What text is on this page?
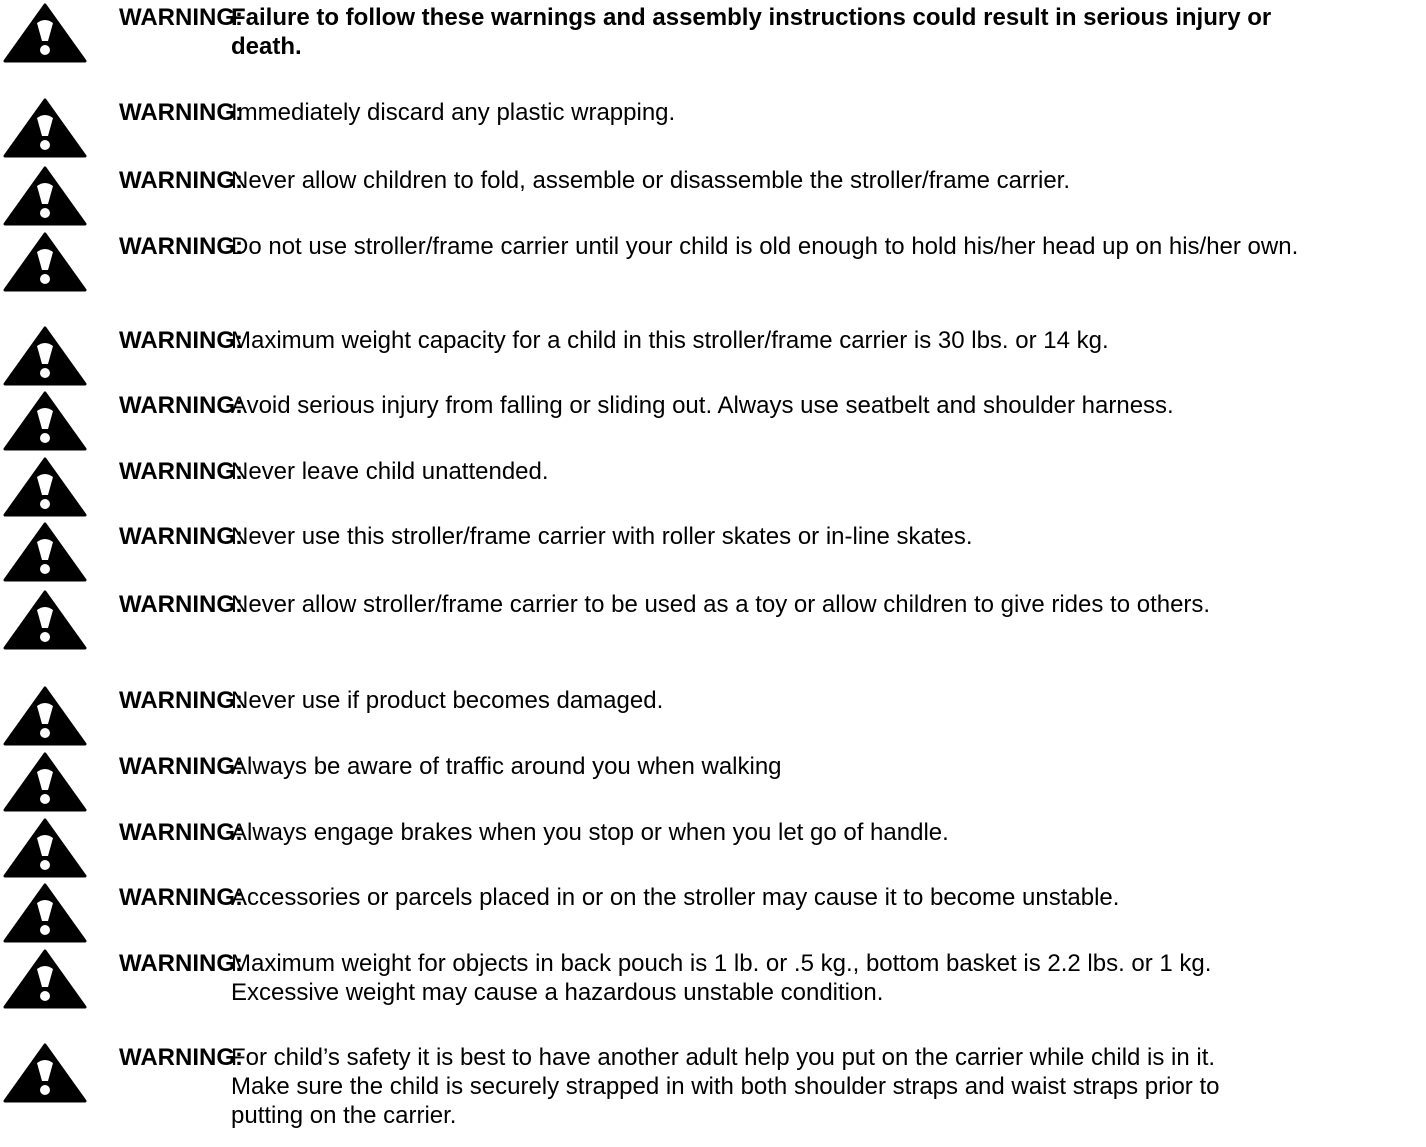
WARNING:
Failure to follow these warnings and assembly instructions could result in serious injury or death.
WARNING:
Immediately discard any plastic wrapping.
WARNING:
Never allow children to fold, assemble or disassemble the stroller/frame carrier.
WARNING:
Do not use stroller/frame carrier until your child is old enough to hold his/her head up on his/her own.
WARNING:
Maximum weight capacity for a child in this stroller/frame carrier is 30 lbs. or 14 kg.
WARNING:
Avoid serious injury from falling or sliding out. Always use seatbelt and shoulder harness.
WARNING:
Never leave child unattended.
WARNING:
Never use this stroller/frame carrier with roller skates or in-line skates.
WARNING:
Never allow stroller/frame carrier to be used as a toy or allow children to give rides to others.
WARNING:
Never use if product becomes damaged.
WARNING:
Always be aware of traffic around you when walking
WARNING:
Always engage brakes when you stop or when you let go of handle.
WARNING:
Accessories or parcels placed in or on the stroller may cause it to become unstable.
WARNING:
Maximum weight for objects in back pouch is 1 lb. or .5 kg., bottom basket is 2.2 lbs. or 1 kg. Excessive weight may cause a hazardous unstable condition.
WARNING:
For child’s safety it is best to have another adult help you put on the carrier while child is in it. Make sure the child is securely strapped in with both shoulder straps and waist straps prior to putting on the carrier.
